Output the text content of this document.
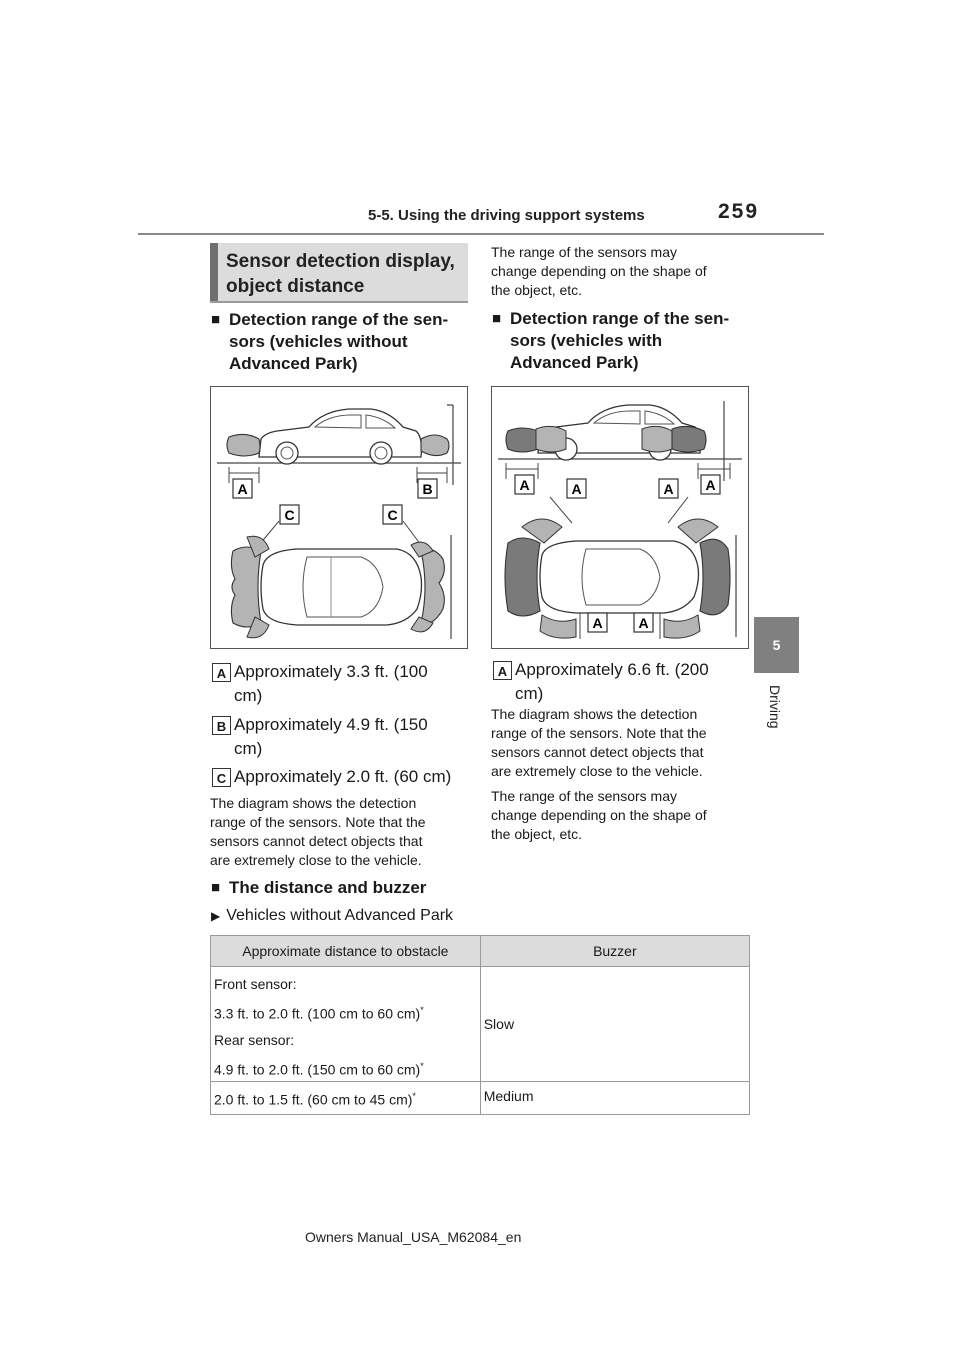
5-5. Using the driving support systems	259
5
Driving
Sensor detection display,
object distance
■ Detection range of the sen-
sors (vehicles without
Advanced Park)
A	B
C	C
A Approximately 3.3 ft. (100
cm)
B Approximately 4.9 ft. (150
cm)
C Approximately 2.0 ft. (60 cm)
The diagram shows the detection
range of the sensors. Note that the
sensors cannot detect objects that
are extremely close to the vehicle.
■ The distance and buzzer
▶ Vehicles without Advanced Park
The range of the sensors may
change depending on the shape of
the object, etc.
■ Detection range of the sen-
sors (vehicles with
Advanced Park)
A	A	A A
A	A
A Approximately 6.6 ft. (200
cm)
The diagram shows the detection
range of the sensors. Note that the
sensors cannot detect objects that
are extremely close to the vehicle.
The range of the sensors may
change depending on the shape of
the object, etc.
Approximate distance to obstacle	Buzzer

Front sensor:

3.3 ft. to 2.0 ft. (100 cm to 60 cm)*

Rear sensor:

4.9 ft. to 2.0 ft. (150 cm to 60 cm)*	Slow

2.0 ft. to 1.5 ft. (60 cm to 45 cm)*	Medium

Owners Manual_USA_M62084_en
